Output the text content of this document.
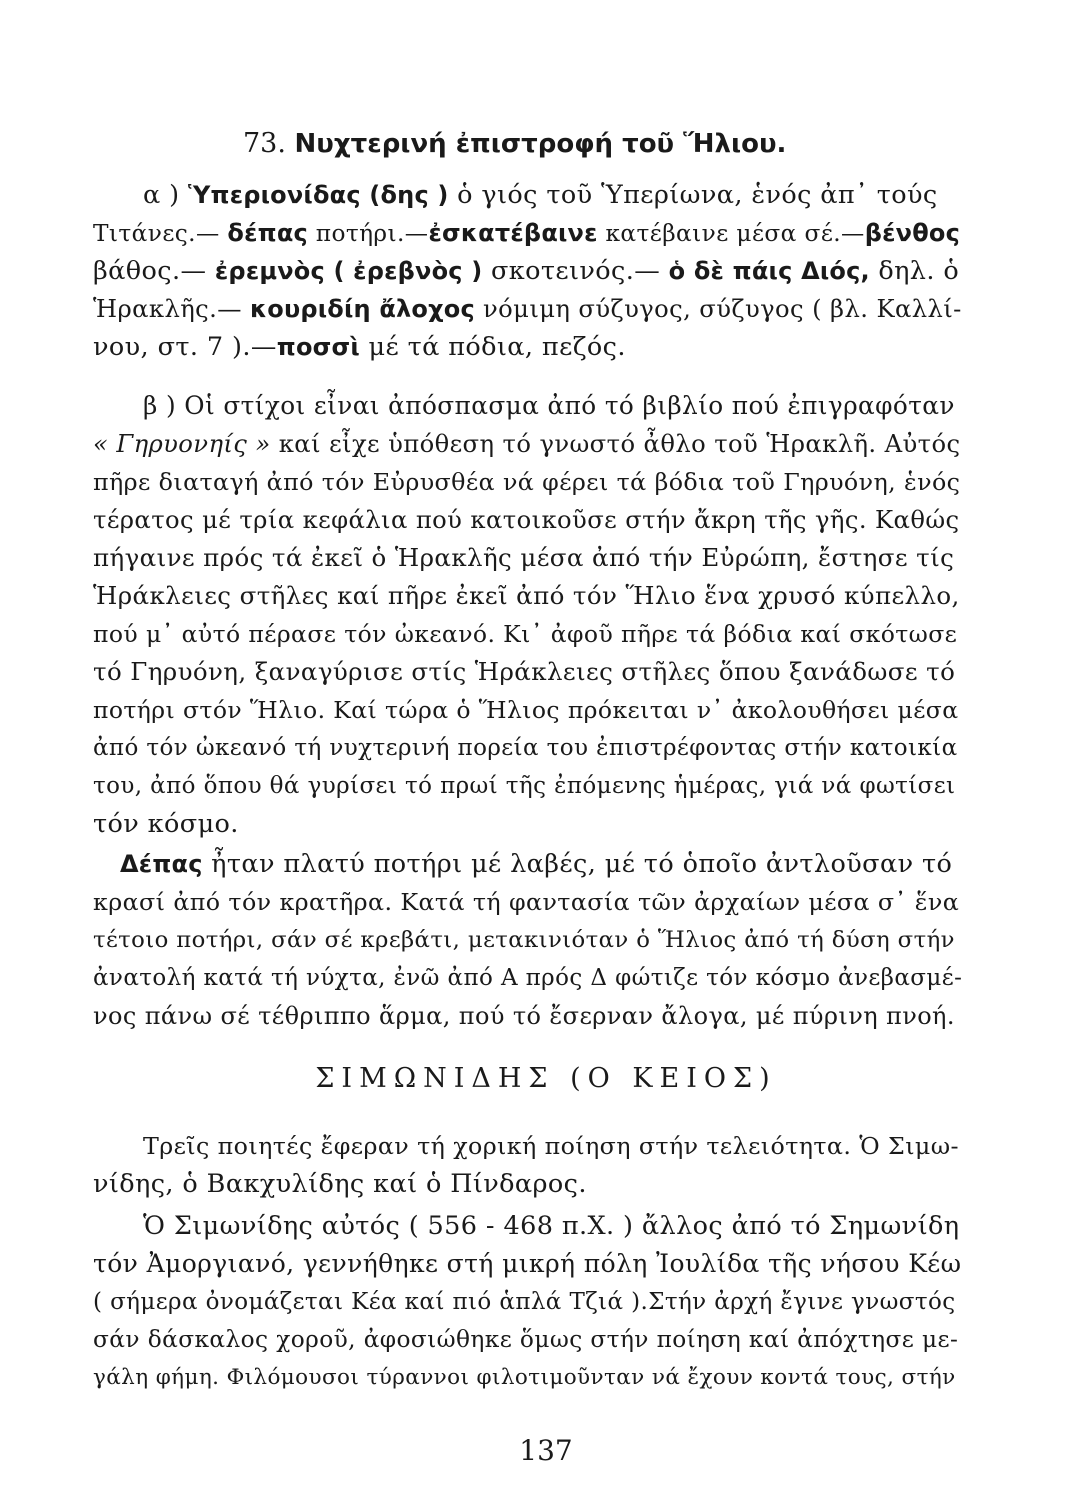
73. Νυχτερινή ἐπιστροφή τοῦ Ἥλιου.
α ) Ὑπεριονίδας (δης ) ὁ γιός τοῦ Ὑπερίωνα, ἑνός ἀπ᾽ τούς
Τιτάνες.— δέπας ποτήρι.—ἐσκατέβαινε κατέβαινε μέσα σέ.—βένθος
βάθος.— ἐρεμνὸς ( ἐρεβνὸς ) σκοτεινός.— ὁ δὲ πάις Διός, δηλ. ὁ
Ἡρακλῆς.— κουριδίη ἄλοχος νόμιμη σύζυγος, σύζυγος ( βλ. Καλλί-
νου, στ. 7 ).—ποσσὶ μέ τά πόδια, πεζός.
β ) Οἱ στίχοι εἶναι ἀπόσπασμα ἀπό τό βιβλίο πού ἐπιγραφόταν
« Γηρυονηίς » καί εἶχε ὑπόθεση τό γνωστό ἆθλο τοῦ Ἡρακλῆ. Αὐτός
πῆρε διαταγή ἀπό τόν Εὐρυσθέα νά φέρει τά βόδια τοῦ Γηρυόνη, ἑνός
τέρατος μέ τρία κεφάλια πού κατοικοῦσε στήν ἄκρη τῆς γῆς. Καθώς
πήγαινε πρός τά ἐκεῖ ὁ Ἡρακλῆς μέσα ἀπό τήν Εὐρώπη, ἔστησε τίς
Ἡράκλειες στῆλες καί πῆρε ἐκεῖ ἀπό τόν Ἥλιο ἕνα χρυσό κύπελλο,
πού μ᾽ αὐτό πέρασε τόν ὠκεανό. Κι᾽ ἀφοῦ πῆρε τά βόδια καί σκότωσε
τό Γηρυόνη, ξαναγύρισε στίς Ἡράκλειες στῆλες ὅπου ξανάδωσε τό
ποτήρι στόν Ἥλιο. Καί τώρα ὁ Ἥλιος πρόκειται ν᾽ ἀκολουθήσει μέσα
ἀπό τόν ὠκεανό τή νυχτερινή πορεία του ἐπιστρέφοντας στήν κατοικία
του, ἀπό ὅπου θά γυρίσει τό πρωί τῆς ἐπόμενης ἡμέρας, γιά νά φωτίσει
τόν κόσμο.
Δέπας ἦταν πλατύ ποτήρι μέ λαβές, μέ τό ὁποῖο ἀντλοῦσαν τό
κρασί ἀπό τόν κρατῆρα. Κατά τή φαντασία τῶν ἀρχαίων μέσα σ᾽ ἕνα
τέτοιο ποτήρι, σάν σέ κρεβάτι, μετακινιόταν ὁ Ἥλιος ἀπό τή δύση στήν
ἀνατολή κατά τή νύχτα, ἐνῶ ἀπό Α πρός Δ φώτιζε τόν κόσμο ἀνεβασμέ-
νος πάνω σέ τέθριππο ἅρμα, πού τό ἔσερναν ἄλογα, μέ πύρινη πνοή.
ΣΙΜΩΝΙΔΗΣ (Ο ΚΕΙΟΣ)
Τρεῖς ποιητές ἔφεραν τή χορική ποίηση στήν τελειότητα. Ὁ Σιμω-
νίδης, ὁ Βακχυλίδης καί ὁ Πίνδαρος.
Ὁ Σιμωνίδης αὐτός ( 556 - 468 π.Χ. ) ἄλλος ἀπό τό Σημωνίδη
τόν Ἀμοργιανό, γεννήθηκε στή μικρή πόλη Ἰουλίδα τῆς νήσου Κέω
( σήμερα ὀνομάζεται Κέα καί πιό ἁπλά Τζιά ).Στήν ἀρχή ἔγινε γνωστός
σάν δάσκαλος χοροῦ, ἀφοσιώθηκε ὅμως στήν ποίηση καί ἀπόχτησε με-
γάλη φήμη. Φιλόμουσοι τύραννοι φιλοτιμοῦνταν νά ἔχουν κοντά τους, στήν
137
